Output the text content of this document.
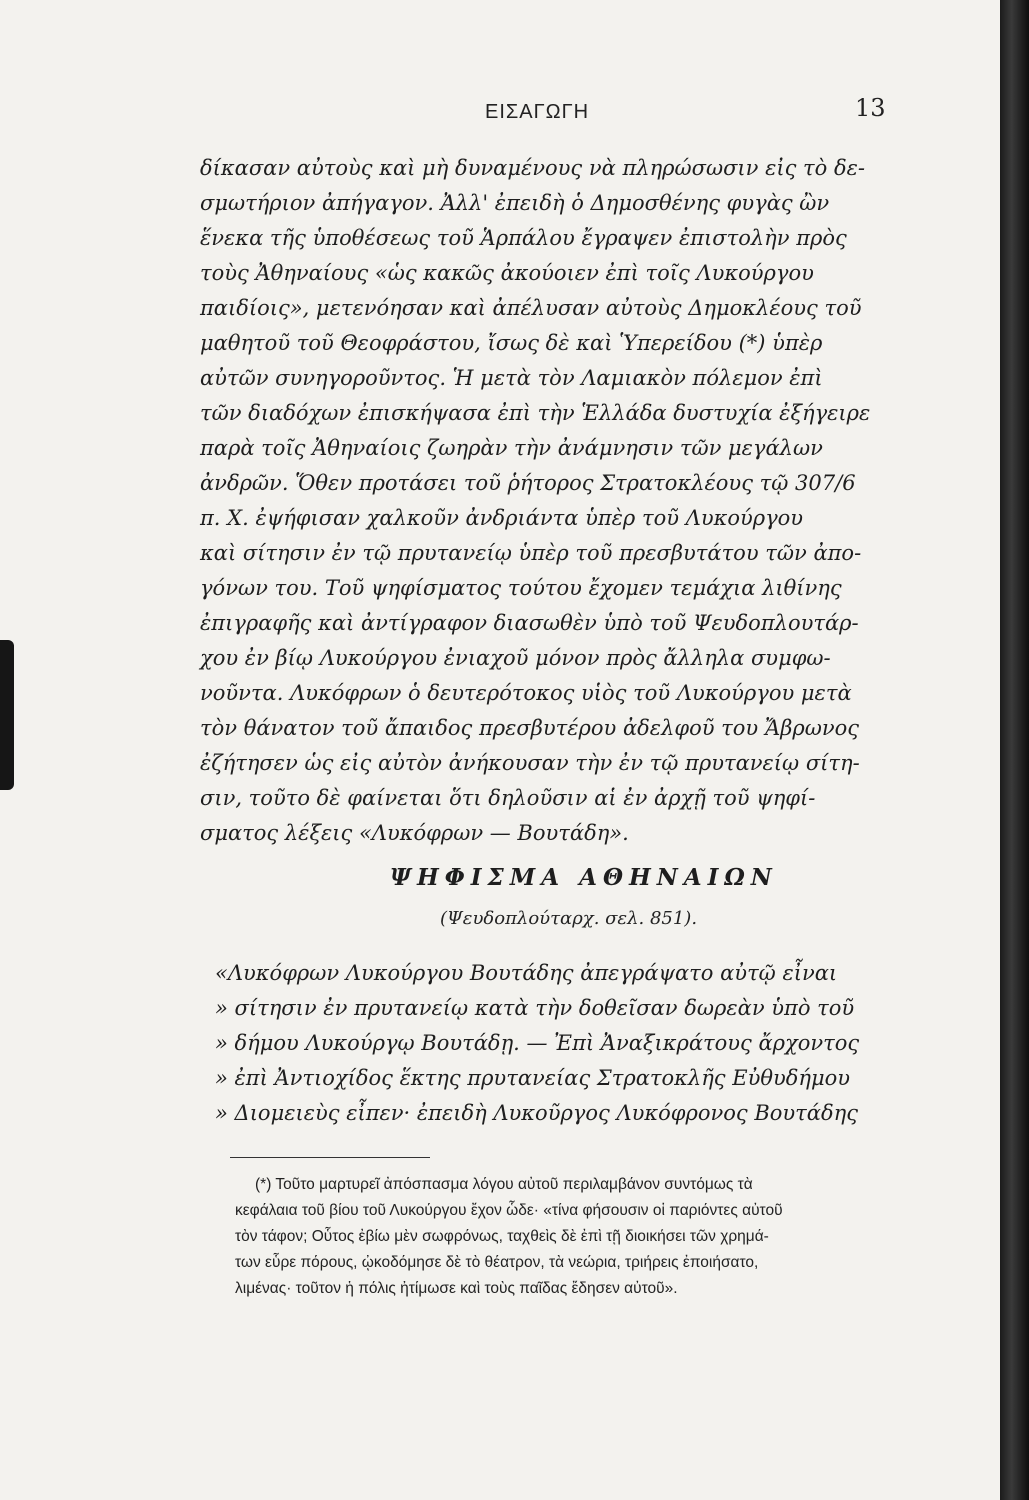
ΕΙΣΑΓΩΓΗ	13
δίκασαν αὐτοὺς καὶ μὴ δυναμένους νὰ πληρώσωσιν εἰς τὸ δε-
σμωτήριον ἀπήγαγον. Ἀλλ' ἐπειδὴ ὁ Δημοσθένης φυγὰς ὢν
ἕνεκα τῆς ὑποθέσεως τοῦ Ἁρπάλου ἔγραψεν ἐπιστολὴν πρὸς
τοὺς Ἀθηναίους «ὡς κακῶς ἀκούοιεν ἐπὶ τοῖς Λυκούργου
παιδίοις», μετενόησαν καὶ ἀπέλυσαν αὐτοὺς Δημοκλέους τοῦ
μαθητοῦ τοῦ Θεοφράστου, ἴσως δὲ καὶ Ὑπερείδου (*) ὑπὲρ
αὐτῶν συνηγοροῦντος. Ἡ μετὰ τὸν Λαμιακὸν πόλεμον ἐπὶ
τῶν διαδόχων ἐπισκήψασα ἐπὶ τὴν Ἑλλάδα δυστυχία ἐξήγειρε
παρὰ τοῖς Ἀθηναίοις ζωηρὰν τὴν ἀνάμνησιν τῶν μεγάλων
ἀνδρῶν. Ὅθεν προτάσει τοῦ ῥήτορος Στρατοκλέους τῷ 307/6
π. Χ. ἐψήφισαν χαλκοῦν ἀνδριάντα ὑπὲρ τοῦ Λυκούργου
καὶ σίτησιν ἐν τῷ πρυτανείῳ ὑπὲρ τοῦ πρεσβυτάτου τῶν ἀπο-
γόνων του. Τοῦ ψηφίσματος τούτου ἔχομεν τεμάχια λιθίνης
ἐπιγραφῆς καὶ ἀντίγραφον διασωθὲν ὑπὸ τοῦ Ψευδοπλουτάρ-
χου ἐν βίῳ Λυκούργου ἐνιαχοῦ μόνον πρὸς ἄλληλα συμφω-
νοῦντα. Λυκόφρων ὁ δευτερότοκος υἱὸς τοῦ Λυκούργου μετὰ
τὸν θάνατον τοῦ ἄπαιδος πρεσβυτέρου ἀδελφοῦ του Ἄβρωνος
ἐζήτησεν ὡς εἰς αὐτὸν ἀνήκουσαν τὴν ἐν τῷ πρυτανείῳ σίτη-
σιν, τοῦτο δὲ φαίνεται ὅτι δηλοῦσιν αἱ ἐν ἀρχῇ τοῦ ψηφί-
σματος λέξεις «Λυκόφρων — Βουτάδη».
ΨΗΦΙΣΜΑ ΑΘΗΝΑΙΩΝ
(Ψευδοπλούταρχ. σελ. 851).
«Λυκόφρων Λυκούργου Βουτάδης ἀπεγράψατο αὐτῷ εἶναι
» σίτησιν ἐν πρυτανείῳ κατὰ τὴν δοθεῖσαν δωρεὰν ὑπὸ τοῦ
» δήμου Λυκούργῳ Βουτάδῃ. — Ἐπὶ Ἀναξικράτους ἄρχοντος
» ἐπὶ Ἀντιοχίδος ἕκτης πρυτανείας Στρατοκλῆς Εὐθυδήμου
» Διομειεὺς εἶπεν· ἐπειδὴ Λυκοῦργος Λυκόφρονος Βουτάδης
(*) Τοῦτο μαρτυρεῖ ἀπόσπασμα λόγου αὐτοῦ περιλαμβάνον συντόμως τὰ
κεφάλαια τοῦ βίου τοῦ Λυκούργου ἔχον ὧδε· «τίνα φήσουσιν οἱ παριόντες αὐτοῦ
τὸν τάφον; Οὗτος ἐβίω μὲν σωφρόνως, ταχθεὶς δὲ ἐπὶ τῇ διοικήσει τῶν χρημά-
των εὗρε πόρους, ᾠκοδόμησε δὲ τὸ θέατρον, τὰ νεώρια, τριήρεις ἐποιήσατο,
λιμένας· τοῦτον ἡ πόλις ἠτίμωσε καὶ τοὺς παῖδας ἔδησεν αὐτοῦ».
